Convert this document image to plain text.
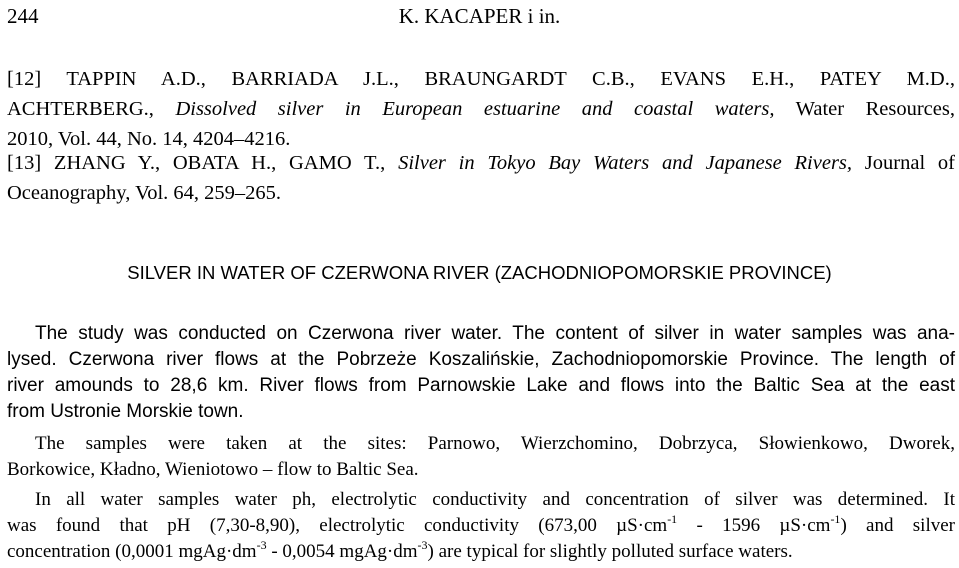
244	K. KACAPER i in.
[12] TAPPIN A.D., BARRIADA J.L., BRAUNGARDT C.B., EVANS E.H., PATEY M.D.,
ACHTERBERG., Dissolved silver in European estuarine and coastal waters, Water Resources,
2010, Vol. 44, No. 14, 4204–4216.
[13] ZHANG Y., OBATA H., GAMO T., Silver in Tokyo Bay Waters and Japanese Rivers, Journal of
Oceanography, Vol. 64, 259–265.
SILVER IN WATER OF CZERWONA RIVER (ZACHODNIOPOMORSKIE PROVINCE)
The study was conducted on Czerwona river water. The content of silver in water samples was ana-
lysed. Czerwona river flows at the Pobrzeże Koszalińskie, Zachodniopomorskie Province. The length of
river amounds to 28,6 km. River flows from Parnowskie Lake and flows into the Baltic Sea at the east
from Ustronie Morskie town.
The samples were taken at the sites: Parnowo, Wierzchomino, Dobrzyca, Słowienkowo, Dworek,
Borkowice, Kładno, Wieniotowo – flow to Baltic Sea.
In all water samples water ph, electrolytic conductivity and concentration of silver was determined. It
was found that pH (7,30-8,90), electrolytic conductivity (673,00 $\mu S\cdot cm^{-1} - 1596$ $\mu S\cdot cm^{-1}$) and silver
concentration (0,0001 $mgAg\cdot dm^{-3} - 0,0054$ $mgAg\cdot dm^{-3}$) are typical for slightly polluted surface waters.
